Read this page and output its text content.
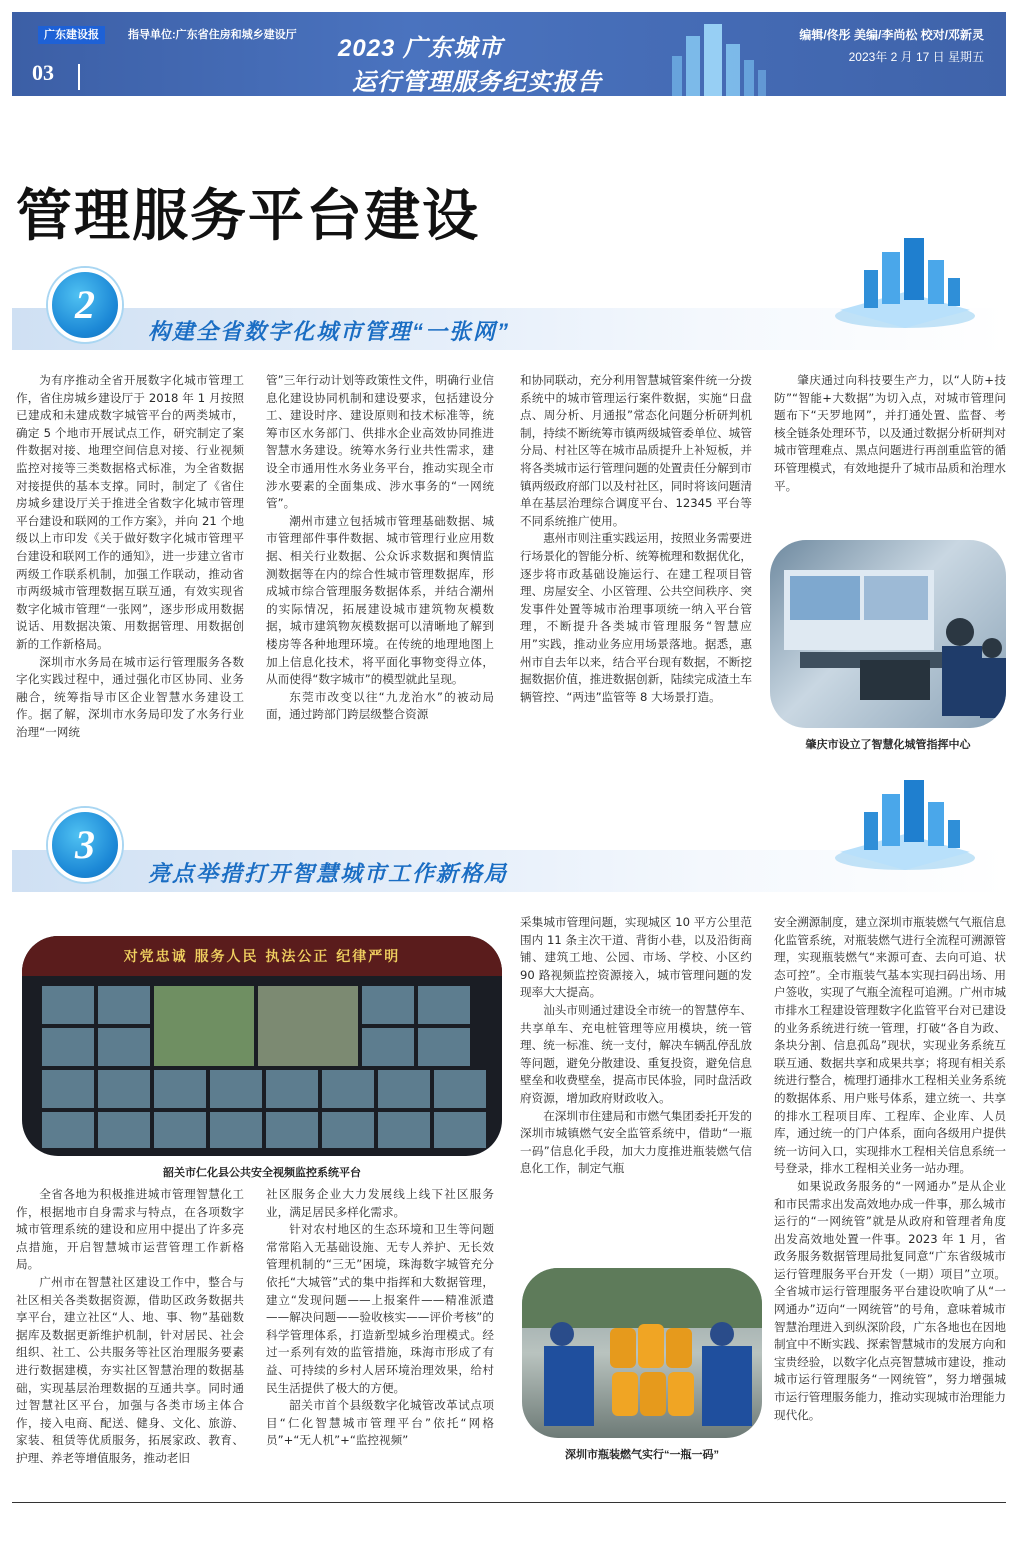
广东建设报	指导单位:广东省住房和城乡建设厅
03
2023 广东城市
运行管理服务纪实报告
编辑/佟彤 美编/李尚松 校对/邓新灵
2023年 2 月 17 日 星期五
管理服务平台建设
2
构建全省数字化城市管理“一张网”

为有序推动全省开展数字化城市管理工作，省住房城乡建设厅于 2018 年 1 月按照已建成和未建成数字城管平台的两类城市，确定 5 个地市开展试点工作，研究制定了案件数据对接、地理空间信息对接、行业视频监控对接等三类数据格式标准，为全省数据对接提供的基本支撑。同时，制定了《省住房城乡建设厅关于推进全省数字化城市管理平台建设和联网的工作方案》，并向 21 个地级以上市印发《关于做好数字化城市管理平台建设和联网工作的通知》，进一步建立省市两级工作联系机制，加强工作联动，推动省市两级城市管理数据互联互通，有效实现省数字化城市管理“一张网”，逐步形成用数据说话、用数据决策、用数据管理、用数据创新的工作新格局。

深圳市水务局在城市运行管理服务各数字化实践过程中，通过强化市区协同、业务融合，统筹指导市区企业智慧水务建设工作。据了解，深圳市水务局印发了水务行业治理“一网统

管”三年行动计划等政策性文件，明确行业信息化建设协同机制和建设要求，包括建设分工、建设时序、建设原则和技术标准等，统筹市区水务部门、供排水企业高效协同推进智慧水务建设。统筹水务行业共性需求，建设全市通用性水务业务平台，推动实现全市涉水要素的全面集成、涉水事务的“一网统管”。

潮州市建立包括城市管理基础数据、城市管理部件事件数据、城市管理行业应用数据、相关行业数据、公众诉求数据和舆情监测数据等在内的综合性城市管理数据库，形成城市综合管理服务数据体系，并结合潮州的实际情况，拓展建设城市建筑物灰模数据，城市建筑物灰模数据可以清晰地了解到楼房等各种地理环境。在传统的地理地图上加上信息化技术，将平面化事物变得立体，从而使得“数字城市”的模型就此呈现。

东莞市改变以往“九龙治水”的被动局面，通过跨部门跨层级整合资源

和协同联动，充分利用智慧城管案件统一分拨系统中的城市管理运行案件数据，实施“日盘点、周分析、月通报”常态化问题分析研判机制，持续不断统筹市镇两级城管委单位、城管分局、村社区等在城市品质提升上补短板，并将各类城市运行管理问题的处置责任分解到市镇两级政府部门以及村社区，同时将该问题清单在基层治理综合调度平台、12345 平台等不同系统推广使用。

惠州市则注重实践运用，按照业务需要进行场景化的智能分析、统筹梳理和数据优化，逐步将市政基础设施运行、在建工程项目管理、房屋安全、小区管理、公共空间秩序、突发事件处置等城市治理事项统一纳入平台管理，不断提升各类城市管理服务“智慧应用”实践，推动业务应用场景落地。据悉，惠州市自去年以来，结合平台现有数据，不断挖掘数据价值，推进数据创新，陆续完成渣土车辆管控、“两违”监管等 8 大场景打造。

肇庆通过向科技要生产力，以“人防+技防”“智能+大数据”为切入点，对城市管理问题布下“天罗地网”，并打通处置、监督、考核全链条处理环节，以及通过数据分析研判对城市管理难点、黑点问题进行再剖重监管的循环管理模式，有效地提升了城市品质和治理水平。

肇庆市设立了智慧化城管指挥中心
3
亮点举措打开智慧城市工作新格局
对党忠诚 服务人民 执法公正 纪律严明
韶关市仁化县公共安全视频监控系统平台

全省各地为积极推进城市管理智慧化工作，根据地市自身需求与特点，在各项数字城市管理系统的建设和应用中提出了许多亮点措施，开启智慧城市运营管理工作新格局。

广州市在智慧社区建设工作中，整合与社区相关各类数据资源，借助区政务数据共享平台，建立社区“人、地、事、物”基础数据库及数据更新维护机制，针对居民、社会组织、社工、公共服务等社区治理服务要素进行数据建模，夯实社区智慧治理的数据基础，实现基层治理数据的互通共享。同时通过智慧社区平台，加强与各类市场主体合作，接入电商、配送、健身、文化、旅游、家装、租赁等优质服务，拓展家政、教育、护理、养老等增值服务，推动老旧

社区服务企业大力发展线上线下社区服务业，满足居民多样化需求。

针对农村地区的生态环境和卫生等问题常常陷入无基础设施、无专人养护、无长效管理机制的“三无”困境，珠海数字城管充分依托“大城管”式的集中指挥和大数据管理，建立“发现问题——上报案件——精准派遣——解决问题——验收核实——评价考核”的科学管理体系，打造新型城乡治理模式。经过一系列有效的监管措施，珠海市形成了有益、可持续的乡村人居环境治理效果，给村民生活提供了极大的方便。

韶关市首个县级数字化城管改革试点项目“仁化智慧城市管理平台”依托“网格员”+“无人机”+“监控视频”

采集城市管理问题，实现城区 10 平方公里范围内 11 条主次干道、背街小巷，以及沿街商铺、建筑工地、公园、市场、学校、小区约 90 路视频监控资源接入，城市管理问题的发现率大大提高。

汕头市则通过建设全市统一的智慧停车、共享单车、充电桩管理等应用模块，统一管理、统一标准、统一支付，解决车辆乱停乱放等问题，避免分散建设、重复投资，避免信息壁垒和收费壁垒，提高市民体验，同时盘活政府资源，增加政府财政收入。

在深圳市住建局和市燃气集团委托开发的深圳市城镇燃气安全监管系统中，借助“一瓶一码”信息化手段，加大力度推进瓶装燃气信息化工作，制定气瓶

安全溯源制度，建立深圳市瓶装燃气气瓶信息化监管系统，对瓶装燃气进行全流程可溯源管理，实现瓶装燃气“来源可查、去向可追、状态可控”。全市瓶装气基本实现扫码出场、用户签收，实现了气瓶全流程可追溯。广州市城市排水工程建设管理数字化监管平台对已建设的业务系统进行统一管理，打破“各自为政、条块分割、信息孤岛”现状，实现业务系统互联互通、数据共享和成果共享；将现有相关系统进行整合，梳理打通排水工程相关业务系统的数据体系、用户账号体系，建立统一、共享的排水工程项目库、工程库、企业库、人员库，通过统一的门户体系，面向各级用户提供统一访问入口，实现排水工程相关信息系统一号登录，排水工程相关业务一站办理。

如果说政务服务的“一网通办”是从企业和市民需求出发高效地办成一件事，那么城市运行的“一网统管”就是从政府和管理者角度出发高效地处置一件事。2023 年 1 月，省政务服务数据管理局批复同意“广东省级城市运行管理服务平台开发（一期）项目”立项。全省城市运行管理服务平台建设吹响了从“一网通办”迈向“一网统管”的号角，意味着城市智慧治理进入到纵深阶段，广东各地也在因地制宜中不断实践、探索智慧城市的发展方向和宝贵经验，以数字化点亮智慧城市建设，推动城市运行管理服务“一网统管”，努力增强城市运行管理服务能力，推动实现城市治理能力现代化。

深圳市瓶装燃气实行“一瓶一码”
